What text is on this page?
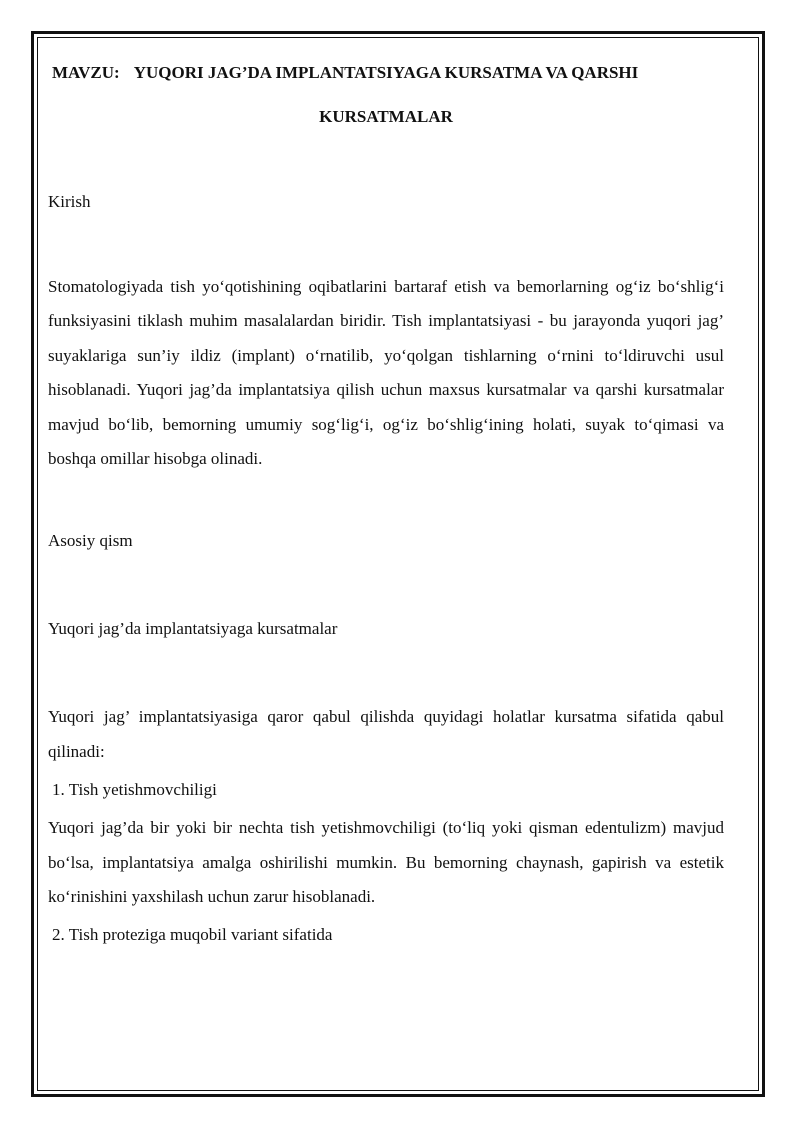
MAVZU: YUQORI JAG’DA IMPLANTATSIYAGA KURSATMA VA QARSHI

KURSATMALAR

Kirish

Stomatologiyada tish yo‘qotishining oqibatlarini bartaraf etish va bemorlarning og‘iz bo‘shlig‘i funksiyasini tiklash muhim masalalardan biridir. Tish implantatsiyasi - bu jarayonda yuqori jag’ suyaklariga sun’iy ildiz (implant) o‘rnatilib, yo‘qolgan tishlarning o‘rnini to‘ldiruvchi usul hisoblanadi. Yuqori jag’da implantatsiya qilish uchun maxsus kursatmalar va qarshi kursatmalar mavjud bo‘lib, bemorning umumiy sog‘lig‘i, og‘iz bo‘shlig‘ining holati, suyak to‘qimasi va boshqa omillar hisobga olinadi.

Asosiy qism

Yuqori jag’da implantatsiyaga kursatmalar

Yuqori jag’ implantatsiyasiga qaror qabul qilishda quyidagi holatlar kursatma sifatida qabul qilinadi:

1. Tish yetishmovchiligi

Yuqori jag’da bir yoki bir nechta tish yetishmovchiligi (to‘liq yoki qisman edentulizm) mavjud bo‘lsa, implantatsiya amalga oshirilishi mumkin. Bu bemorning chaynash, gapirish va estetik ko‘rinishini yaxshilash uchun zarur hisoblanadi.

2. Tish proteziga muqobil variant sifatida
